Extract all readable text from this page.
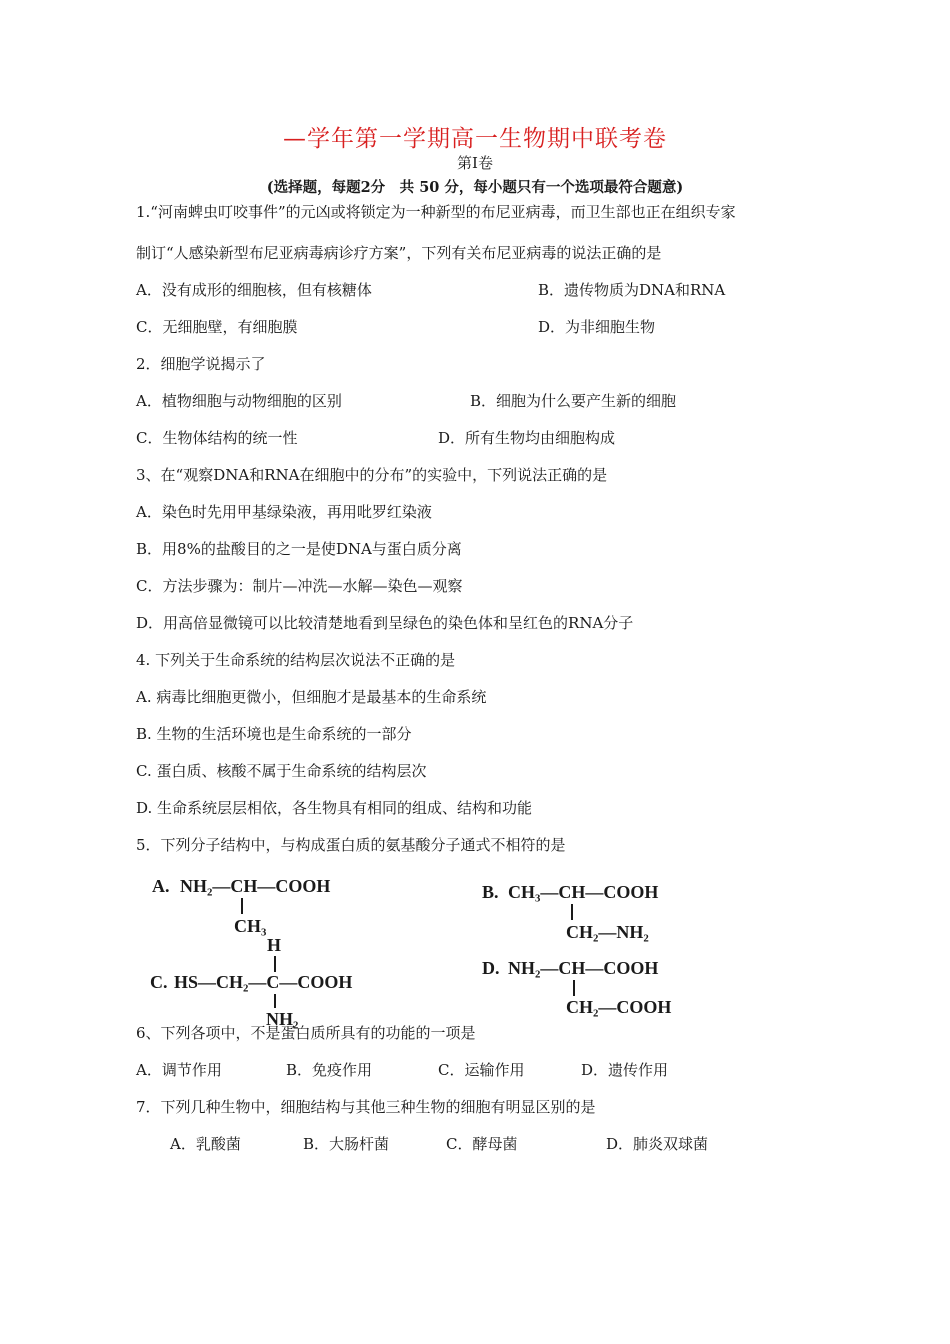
—学年第一学期高一生物期中联考卷
第Ⅰ卷
(选择题，每题2分　共 50 分，每小题只有一个选项最符合题意)
1.“河南蜱虫叮咬事件”的元凶或将锁定为一种新型的布尼亚病毒，而卫生部也正在组织专家
制订“人感染新型布尼亚病毒病诊疗方案”，下列有关布尼亚病毒的说法正确的是
A．没有成形的细胞核，但有核糖体	B．遗传物质为DNA和RNA
C．无细胞壁，有细胞膜	D．为非细胞生物
2．细胞学说揭示了
A．植物细胞与动物细胞的区别	B．细胞为什么要产生新的细胞
C．生物体结构的统一性	D．所有生物均由细胞构成
3、在“观察DNA和RNA在细胞中的分布”的实验中，下列说法正确的是
A．染色时先用甲基绿染液，再用吡罗红染液
B．用8%的盐酸目的之一是使DNA与蛋白质分离
C．方法步骤为：制片—冲洗—水解—染色—观察
D．用高倍显微镜可以比较清楚地看到呈绿色的染色体和呈红色的RNA分子
4. 下列关于生命系统的结构层次说法不正确的是
A. 病毒比细胞更微小，但细胞才是最基本的生命系统
B. 生物的生活环境也是生命系统的一部分
C. 蛋白质、核酸不属于生命系统的结构层次
D. 生命系统层层相依，各生物具有相同的组成、结构和功能
5．下列分子结构中，与构成蛋白质的氨基酸分子通式不相符的是
A. NH₂—CH—COOH
CH₃
B. CH₃—CH—COOH
CH₂—NH₂
H
C. HS—CH₂—C—COOH
NH₂
D. NH₂—CH—COOH
CH₂—COOH
6、下列各项中，不是蛋白质所具有的功能的一项是
A．调节作用	B．免疫作用	C．运输作用	D．遗传作用
7．下列几种生物中，细胞结构与其他三种生物的细胞有明显区别的是
A．乳酸菌	B．大肠杆菌	C．酵母菌	D．肺炎双球菌
